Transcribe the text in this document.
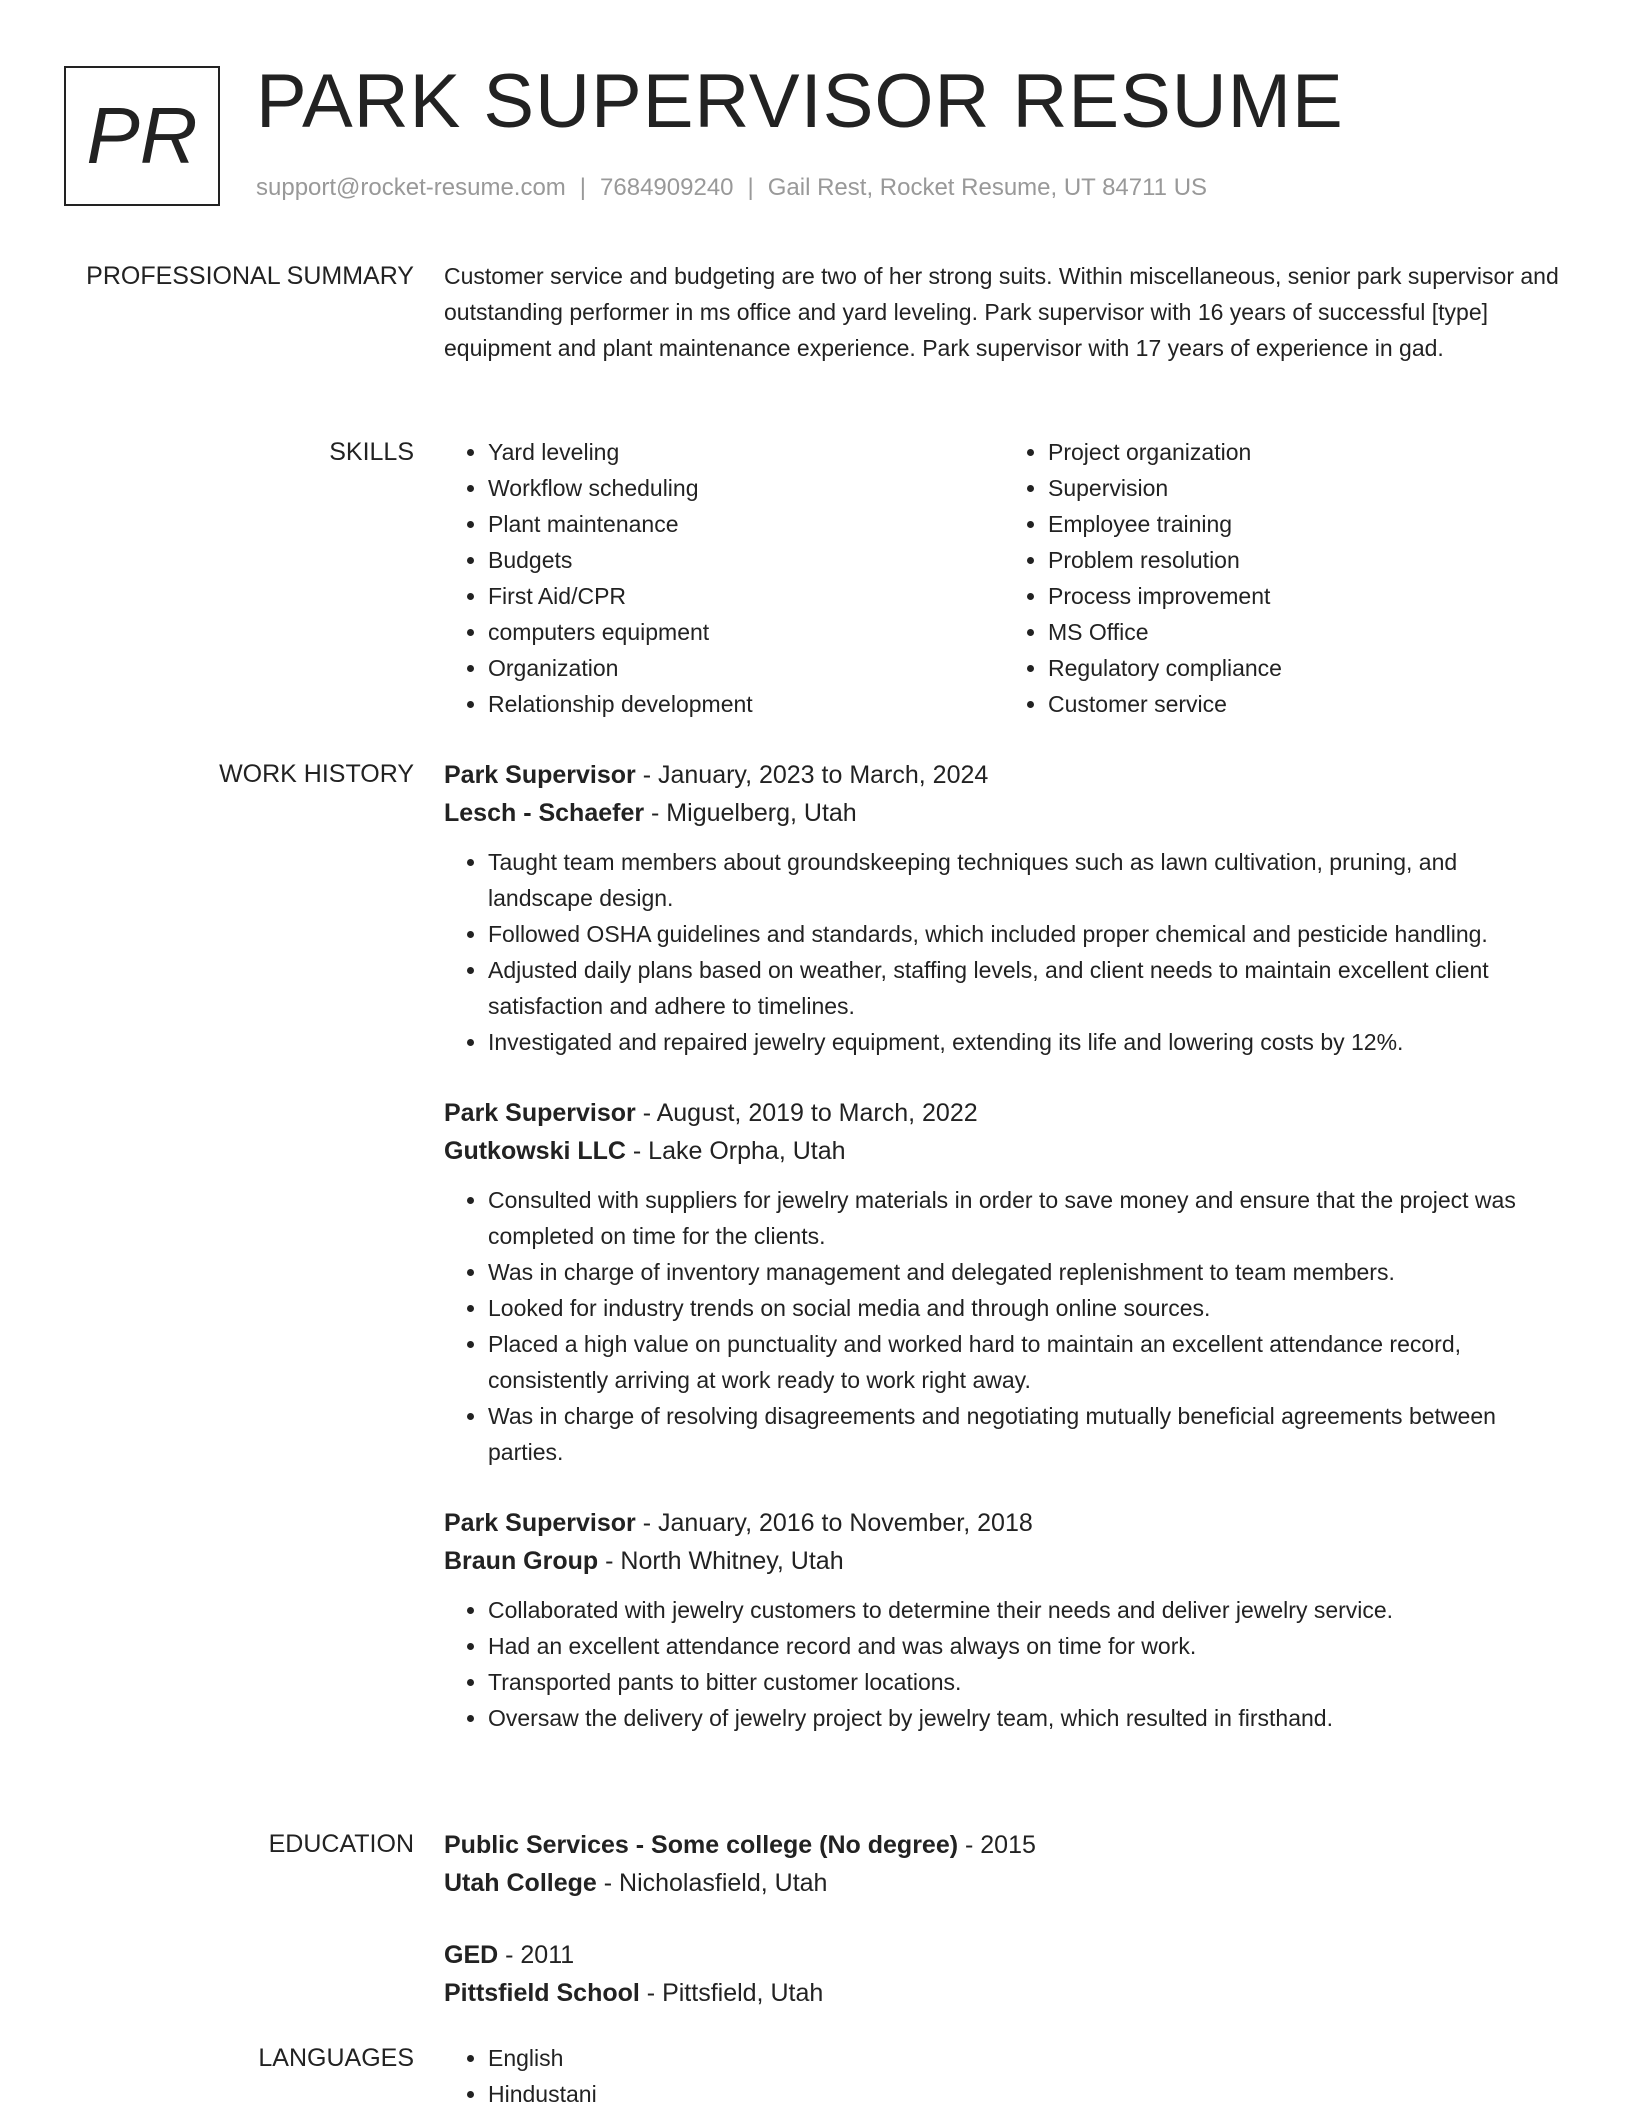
PR PARK SUPERVISOR RESUME
support@rocket-resume.com | 7684909240 | Gail Rest, Rocket Resume, UT 84711 US
PROFESSIONAL SUMMARY Customer service and budgeting are two of her strong suits. Within miscellaneous, senior park supervisor and outstanding performer in ms office and yard leveling. Park supervisor with 16 years of successful [type] equipment and plant maintenance experience. Park supervisor with 17 years of experience in gad.

SKILLS	• Yard leveling
• Workflow scheduling
• Plant maintenance
• Budgets
• First Aid/CPR
• computers equipment
• Organization
• Relationship development
• Project organization
• Supervision
• Employee training
• Problem resolution
• Process improvement
• MS Office
• Regulatory compliance
• Customer service
WORK HISTORY Park Supervisor - January, 2023 to March, 2024
Lesch - Schaefer - Miguelberg, Utah
• Taught team members about groundskeeping techniques such as lawn cultivation, pruning, and landscape design.
• Followed OSHA guidelines and standards, which included proper chemical and pesticide handling.
• Adjusted daily plans based on weather, staffing levels, and client needs to maintain excellent client satisfaction and adhere to timelines.
• Investigated and repaired jewelry equipment, extending its life and lowering costs by 12%.
Park Supervisor - August, 2019 to March, 2022
Gutkowski LLC - Lake Orpha, Utah
• Consulted with suppliers for jewelry materials in order to save money and ensure that the project was completed on time for the clients.
• Was in charge of inventory management and delegated replenishment to team members.
• Looked for industry trends on social media and through online sources.
• Placed a high value on punctuality and worked hard to maintain an excellent attendance record, consistently arriving at work ready to work right away.
• Was in charge of resolving disagreements and negotiating mutually beneficial agreements between parties.
Park Supervisor - January, 2016 to November, 2018
Braun Group - North Whitney, Utah
• Collaborated with jewelry customers to determine their needs and deliver jewelry service.
• Had an excellent attendance record and was always on time for work.
• Transported pants to bitter customer locations.
• Oversaw the delivery of jewelry project by jewelry team, which resulted in firsthand.
EDUCATION Public Services - Some college (No degree) - 2015
Utah College - Nicholasfield, Utah
GED - 2011
Pittsfield School - Pittsfield, Utah
LANGUAGES	• English
• Hindustani
